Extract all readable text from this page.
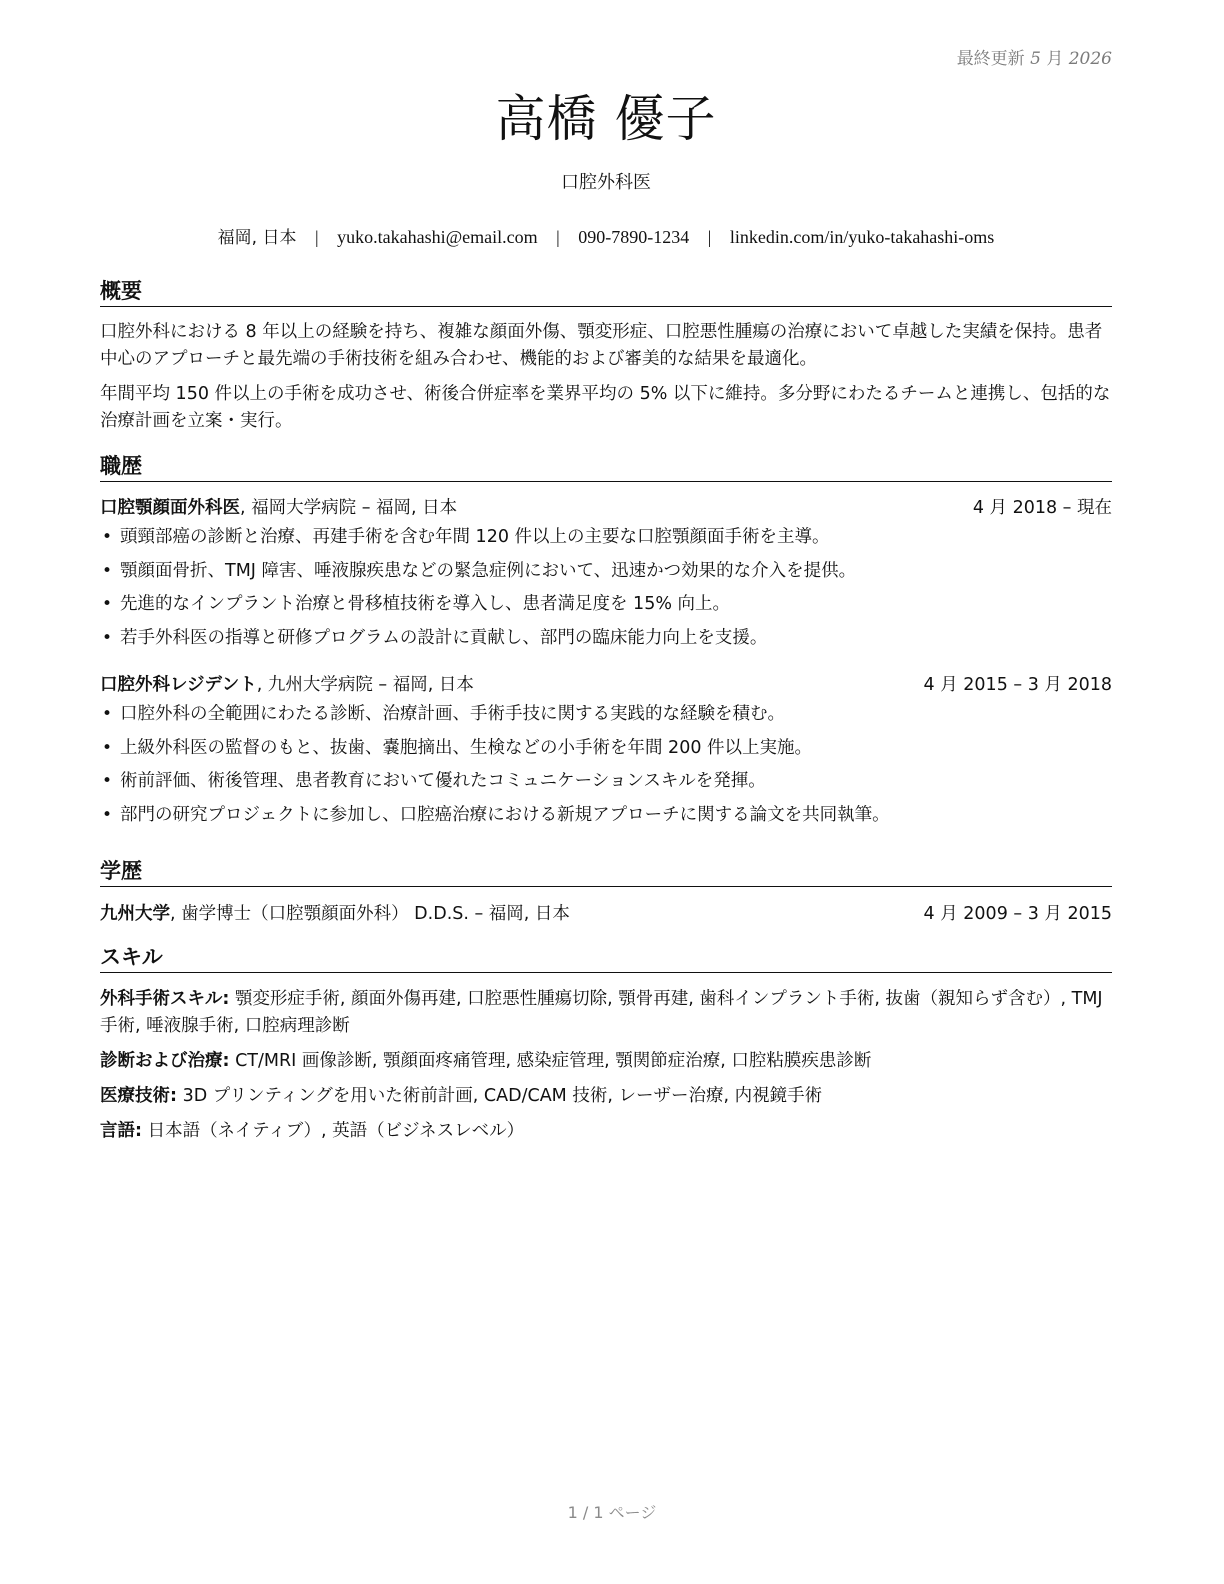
最終更新 5 月 2026
高橋 優子
口腔外科医
福岡, 日本 | yuko.takahashi@email.com | 090-7890-1234 | linkedin.com/in/yuko-takahashi-oms
概要

口腔外科における 8 年以上の経験を持ち、複雑な顔面外傷、顎変形症、口腔悪性腫瘍の治療において卓越した実績を保持。患者中心のアプローチと最先端の手術技術を組み合わせ、機能的および審美的な結果を最適化。

年間平均 150 件以上の手術を成功させ、術後合併症率を業界平均の 5% 以下に維持。多分野にわたるチームと連携し、包括的な治療計画を立案・実行。

職歴
口腔顎顔面外科医, 福岡大学病院 – 福岡, 日本	4 月 2018 – 現在
• 頭頸部癌の診断と治療、再建手術を含む年間 120 件以上の主要な口腔顎顔面手術を主導。
• 顎顔面骨折、TMJ 障害、唾液腺疾患などの緊急症例において、迅速かつ効果的な介入を提供。
• 先進的なインプラント治療と骨移植技術を導入し、患者満足度を 15% 向上。
• 若手外科医の指導と研修プログラムの設計に貢献し、部門の臨床能力向上を支援。
口腔外科レジデント, 九州大学病院 – 福岡, 日本	4 月 2015 – 3 月 2018
• 口腔外科の全範囲にわたる診断、治療計画、手術手技に関する実践的な経験を積む。
• 上級外科医の監督のもと、抜歯、嚢胞摘出、生検などの小手術を年間 200 件以上実施。
• 術前評価、術後管理、患者教育において優れたコミュニケーションスキルを発揮。
• 部門の研究プロジェクトに参加し、口腔癌治療における新規アプローチに関する論文を共同執筆。
学歴
九州大学, 歯学博士（口腔顎顔面外科） D.D.S. – 福岡, 日本	4 月 2009 – 3 月 2015
スキル

外科手術スキル: 顎変形症手術, 顔面外傷再建, 口腔悪性腫瘍切除, 顎骨再建, 歯科インプラント手術, 抜歯（親知らず含む）, TMJ 手術, 唾液腺手術, 口腔病理診断

診断および治療: CT/MRI 画像診断, 顎顔面疼痛管理, 感染症管理, 顎関節症治療, 口腔粘膜疾患診断

医療技術: 3D プリンティングを用いた術前計画, CAD/CAM 技術, レーザー治療, 内視鏡手術

言語: 日本語（ネイティブ）, 英語（ビジネスレベル）

1 / 1 ページ
